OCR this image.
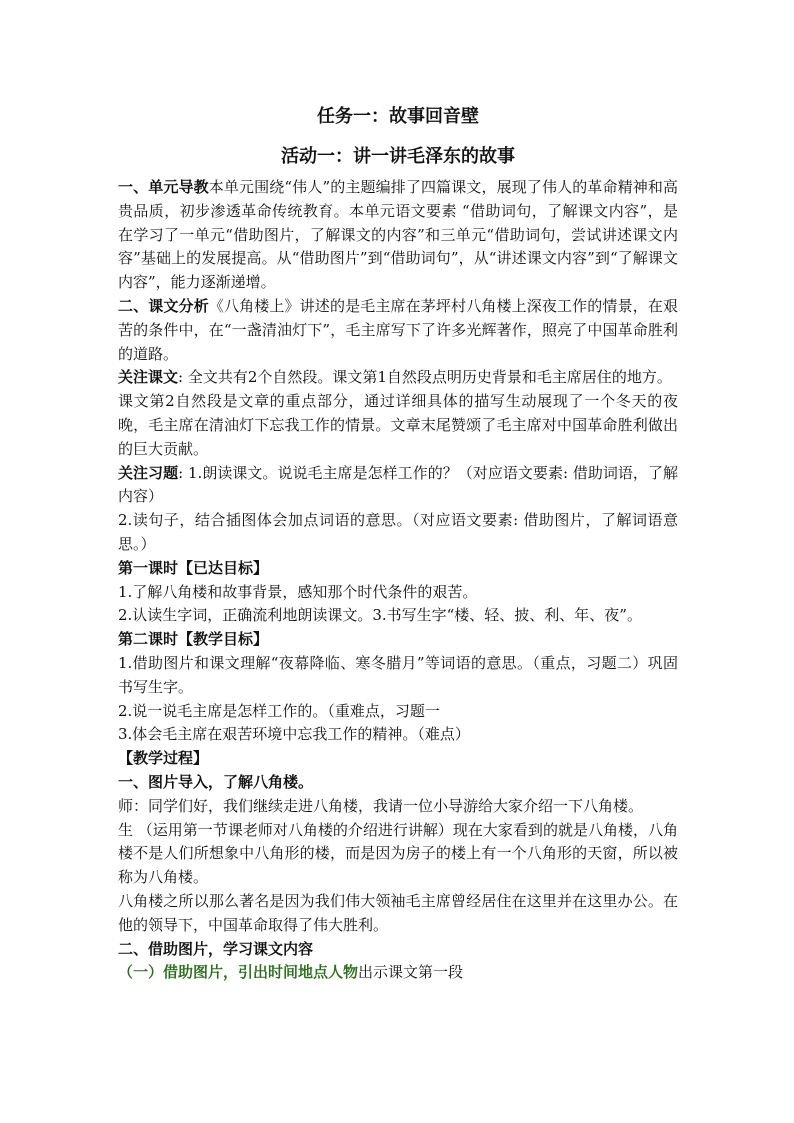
任务一：故事回音壁
活动一：讲一讲毛泽东的故事

一、单元导教本单元围绕“伟人”的主题编排了四篇课文，展现了伟人的革命精神和高贵品质，初步渗透革命传统教育。本单元语文要素 “借助词句，了解课文内容”，是在学习了一单元“借助图片，了解课文的内容”和三单元“借助词句，尝试讲述课文内容”基础上的发展提高。从“借助图片”到“借助词句”，从“讲述课文内容”到“了解课文内容”，能力逐渐递增。

二、课文分析《八角楼上》讲述的是毛主席在茅坪村八角楼上深夜工作的情景，在艰苦的条件中，在“一盏清油灯下”，毛主席写下了许多光辉著作，照亮了中国革命胜利的道路。

关注课文: 全文共有2个自然段。课文第1自然段点明历史背景和毛主席居住的地方。

课文第2自然段是文章的重点部分，通过详细具体的描写生动展现了一个冬天的夜晚，毛主席在清油灯下忘我工作的情景。文章末尾赞颂了毛主席对中国革命胜利做出的巨大贡献。

关注习题: 1.朗读课文。说说毛主席是怎样工作的？（对应语文要素: 借助词语，了解内容）

2.读句子，结合插图体会加点词语的意思。（对应语文要素: 借助图片，了解词语意思。）

第一课时【已达目标】

1.了解八角楼和故事背景，感知那个时代条件的艰苦。

2.认读生字词，正确流利地朗读课文。3.书写生字“楼、轻、披、利、年、夜”。

第二课时【教学目标】

1.借助图片和课文理解“夜幕降临、寒冬腊月”等词语的意思。（重点，习题二）巩固书写生字。

2.说一说毛主席是怎样工作的。（重难点，习题一

3.体会毛主席在艰苦环境中忘我工作的精神。（难点）

【教学过程】

一、图片导入，了解八角楼。

师：同学们好，我们继续走进八角楼，我请一位小导游给大家介绍一下八角楼。

生 （运用第一节课老师对八角楼的介绍进行讲解）现在大家看到的就是八角楼，八角楼不是人们所想象中八角形的楼，而是因为房子的楼上有一个八角形的天窗，所以被称为八角楼。

八角楼之所以那么著名是因为我们伟大领袖毛主席曾经居住在这里并在这里办公。在他的领导下，中国革命取得了伟大胜利。

二、借助图片，学习课文内容

（一）借助图片，引出时间地点人物出示课文第一段
